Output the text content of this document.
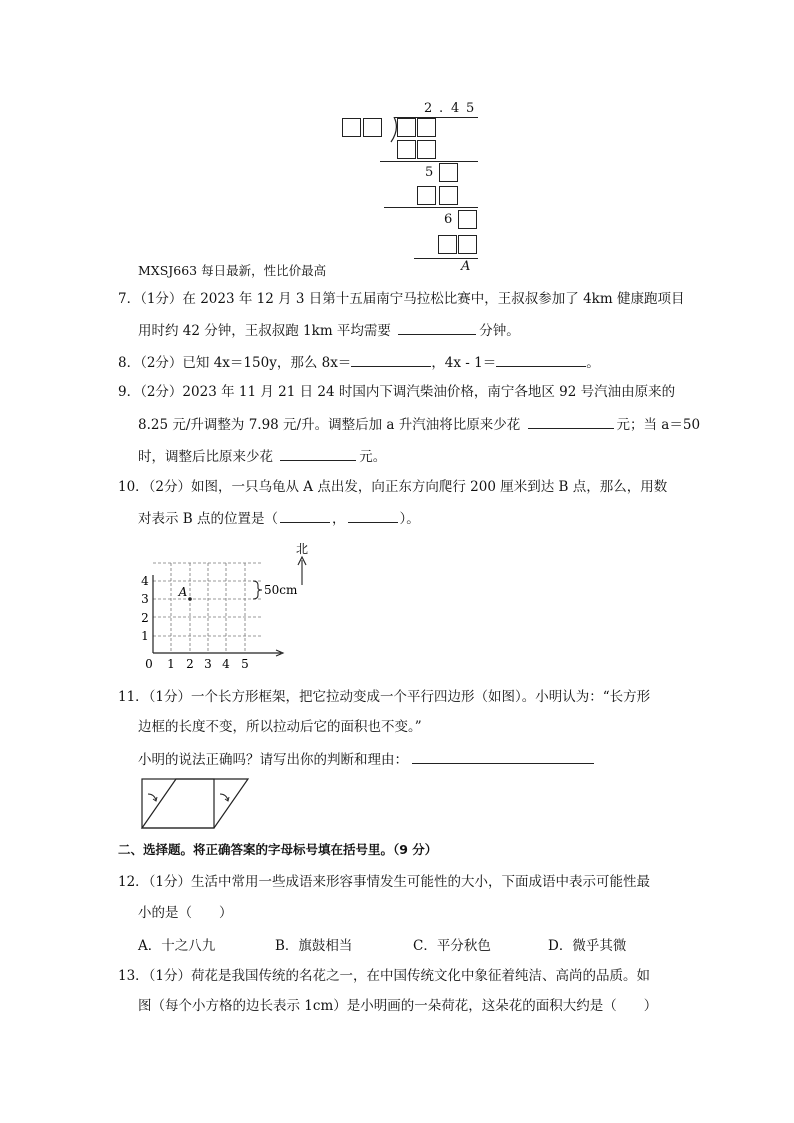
2 . 4 5
5
6
A
MXSJ663 每日最新，性比价最高
7．（1分）在 2023 年 12 月 3 日第十五届南宁马拉松比赛中，王叔叔参加了 4km 健康跑项目
用时约 42 分钟，王叔叔跑 1km 平均需要	分钟。
8．（2分）已知 4x＝150y，那么 8x＝	，4x - 1＝	。
9．（2分）2023 年 11 月 21 日 24 时国内下调汽柴油价格，南宁各地区 92 号汽油由原来的
8.25 元/升调整为 7.98 元/升。调整后加 a 升汽油将比原来少花	元；当 a＝50
时，调整后比原来少花	元。
10．（2分）如图，一只乌龟从 A 点出发，向正东方向爬行 200 厘米到达 B 点，那么，用数
对表示 B 点的位置是（	，	）。
0 1 2 3 4 5
1
2
3
4
A	50cm
北
11．（1分）一个长方形框架，把它拉动变成一个平行四边形（如图）。小明认为：“长方形
边框的长度不变，所以拉动后它的面积也不变。”
小明的说法正确吗？请写出你的判断和理由：
二、选择题。将正确答案的字母标号填在括号里。（9 分）
12．（1分）生活中常用一些成语来形容事情发生可能性的大小，下面成语中表示可能性最
小的是（　　）
A．十之八九	B．旗鼓相当	C．平分秋色	D．微乎其微
13．（1分）荷花是我国传统的名花之一，在中国传统文化中象征着纯洁、高尚的品质。如
图（每个小方格的边长表示 1cm）是小明画的一朵荷花，这朵花的面积大约是（　　）
